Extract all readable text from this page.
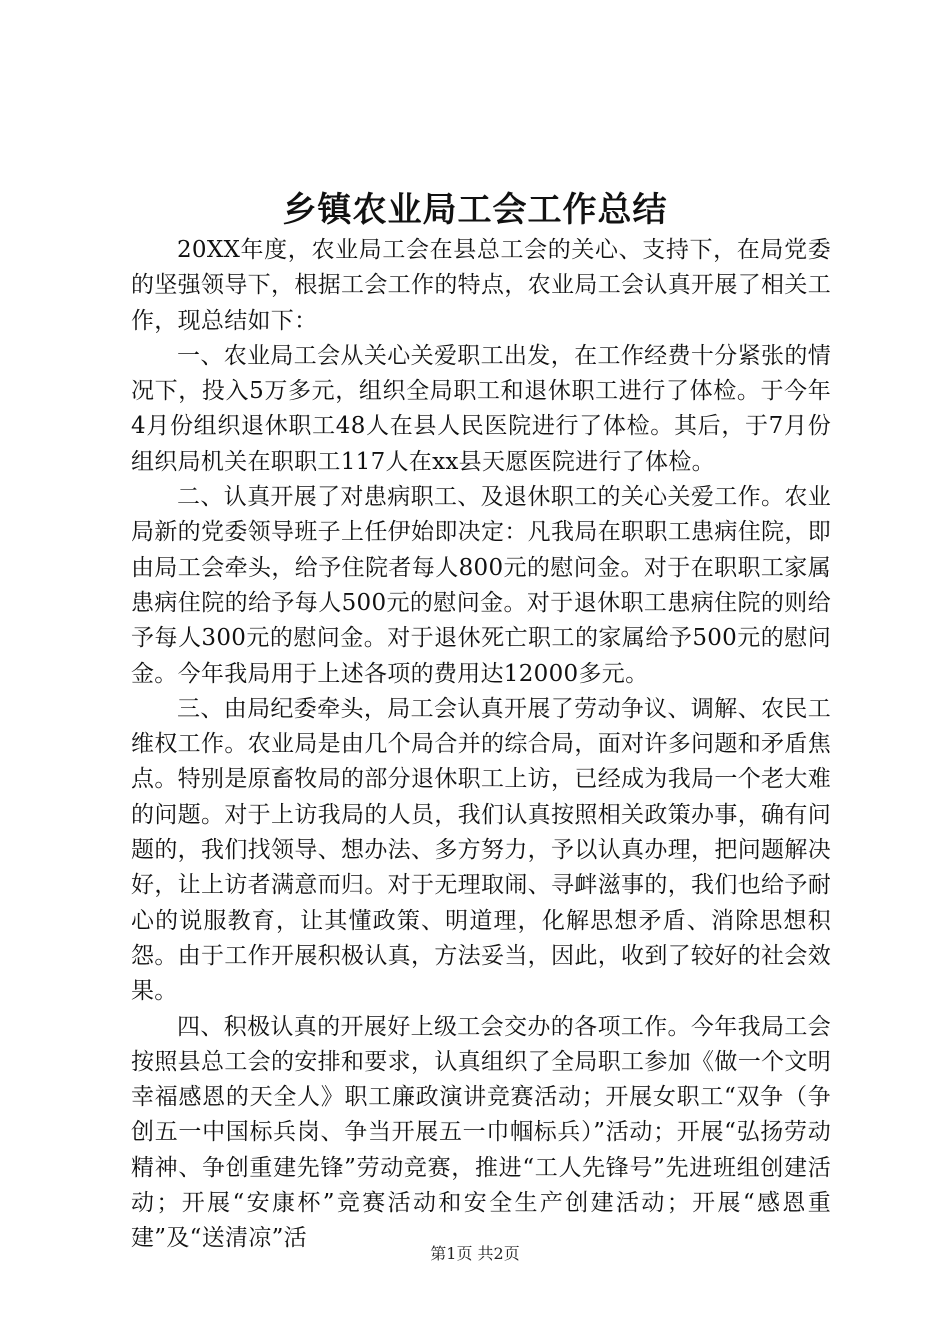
乡镇农业局工会工作总结

20XX年度，农业局工会在县总工会的关心、支持下，在局党委的坚强领导下，根据工会工作的特点，农业局工会认真开展了相关工作，现总结如下：

一、农业局工会从关心关爱职工出发，在工作经费十分紧张的情况下，投入5万多元，组织全局职工和退休职工进行了体检。于今年4月份组织退休职工48人在县人民医院进行了体检。其后，于7月份组织局机关在职职工117人在xx县天愿医院进行了体检。

二、认真开展了对患病职工、及退休职工的关心关爱工作。农业局新的党委领导班子上任伊始即决定：凡我局在职职工患病住院，即由局工会牵头，给予住院者每人800元的慰问金。对于在职职工家属患病住院的给予每人500元的慰问金。对于退休职工患病住院的则给予每人300元的慰问金。对于退休死亡职工的家属给予500元的慰问金。今年我局用于上述各项的费用达12000多元。

三、由局纪委牵头，局工会认真开展了劳动争议、调解、农民工维权工作。农业局是由几个局合并的综合局，面对许多问题和矛盾焦点。特别是原畜牧局的部分退休职工上访，已经成为我局一个老大难的问题。对于上访我局的人员，我们认真按照相关政策办事，确有问题的，我们找领导、想办法、多方努力，予以认真办理，把问题解决好，让上访者满意而归。对于无理取闹、寻衅滋事的，我们也给予耐心的说服教育，让其懂政策、明道理，化解思想矛盾、消除思想积怨。由于工作开展积极认真，方法妥当，因此，收到了较好的社会效果。

四、积极认真的开展好上级工会交办的各项工作。今年我局工会按照县总工会的安排和要求，认真组织了全局职工参加《做一个文明幸福感恩的天全人》职工廉政演讲竞赛活动；开展女职工“双争（争创五一中国标兵岗、争当开展五一巾帼标兵）”活动；开展“弘扬劳动精神、争创重建先锋”劳动竞赛，推进“工人先锋号”先进班组创建活动；开展“安康杯”竞赛活动和安全生产创建活动；开展“感恩重建”及“送清凉”活

第1页 共2页
